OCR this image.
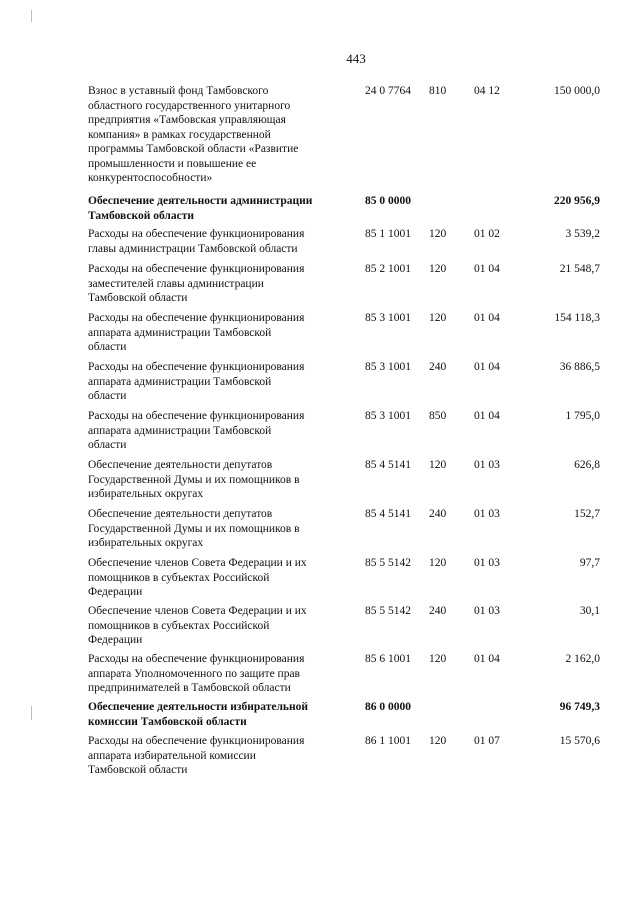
443
Взнос в уставный фонд Тамбовского
областного государственного унитарного
предприятия «Тамбовская управляющая
компания» в рамках государственной
программы Тамбовской области «Развитие
промышленности и повышение ее
конкурентоспособности»
24 0 7764 810 04 12	150 000,0
Обеспечение деятельности администрации
Тамбовской области
85 0 0000	220 956,9
Расходы на обеспечение функционирования
главы администрации Тамбовской области
85 1 1001 120 01 02	3 539,2
Расходы на обеспечение функционирования
заместителей главы администрации
Тамбовской области
85 2 1001 120 01 04	21 548,7
Расходы на обеспечение функционирования
аппарата администрации Тамбовской
области
85 3 1001 120 01 04	154 118,3
Расходы на обеспечение функционирования
аппарата администрации Тамбовской
области
85 3 1001 240 01 04	36 886,5
Расходы на обеспечение функционирования
аппарата администрации Тамбовской
области
85 3 1001 850 01 04	1 795,0
Обеспечение деятельности депутатов
Государственной Думы и их помощников в
избирательных округах
85 4 5141 120 01 03	626,8
Обеспечение деятельности депутатов
Государственной Думы и их помощников в
избирательных округах
85 4 5141 240 01 03	152,7
Обеспечение членов Совета Федерации и их
помощников в субъектах Российской
Федерации
85 5 5142 120 01 03	97,7
Обеспечение членов Совета Федерации и их
помощников в субъектах Российской
Федерации
85 5 5142 240 01 03	30,1
Расходы на обеспечение функционирования
аппарата Уполномоченного по защите прав
предпринимателей в Тамбовской области
85 6 1001 120 01 04	2 162,0
Обеспечение деятельности избирательной
комиссии Тамбовской области
86 0 0000	96 749,3
Расходы на обеспечение функционирования
аппарата избирательной комиссии
Тамбовской области
86 1 1001 120 01 07	15 570,6
